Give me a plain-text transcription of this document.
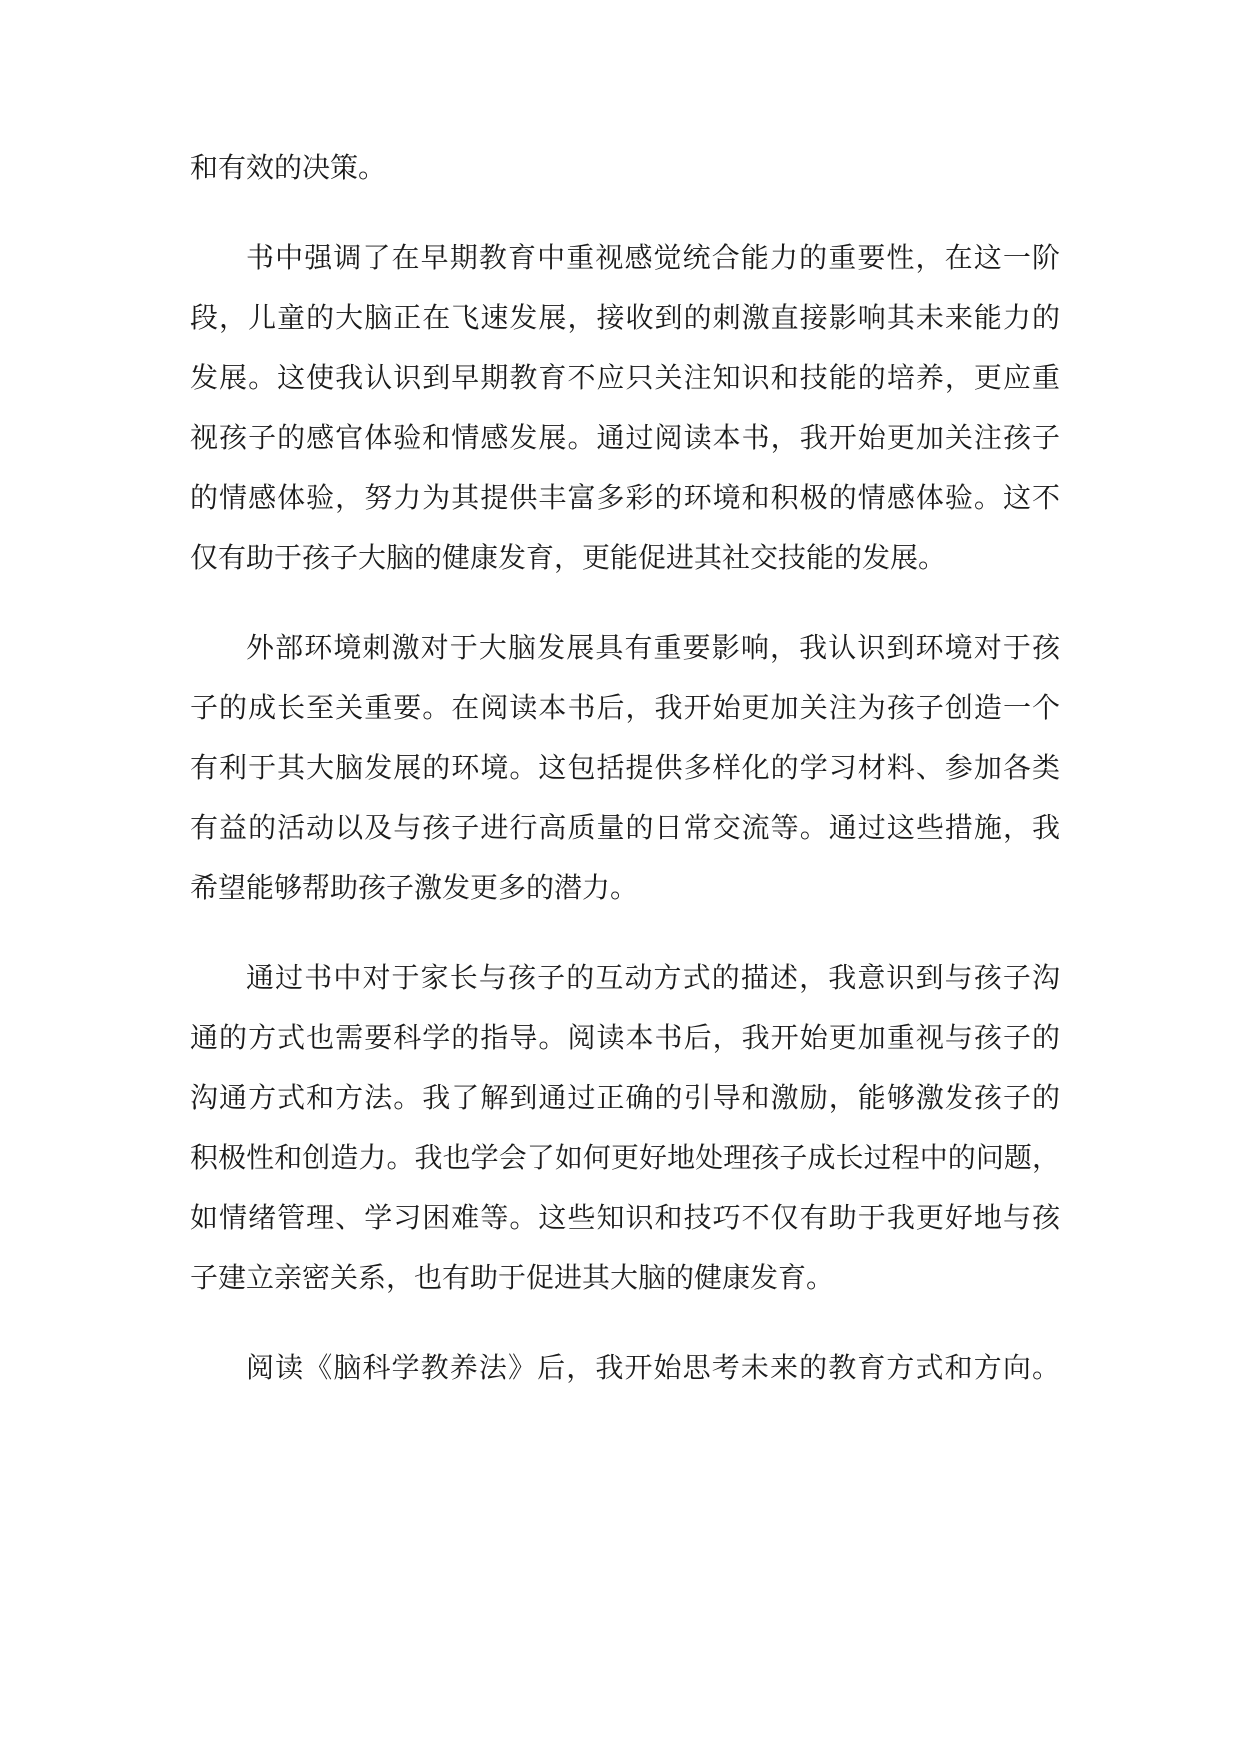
和有效的决策。
书中强调了在早期教育中重视感觉统合能力的重要性，在这一阶
段，儿童的大脑正在飞速发展，接收到的刺激直接影响其未来能力的
发展。这使我认识到早期教育不应只关注知识和技能的培养，更应重
视孩子的感官体验和情感发展。通过阅读本书，我开始更加关注孩子
的情感体验，努力为其提供丰富多彩的环境和积极的情感体验。这不
仅有助于孩子大脑的健康发育，更能促进其社交技能的发展。
外部环境刺激对于大脑发展具有重要影响，我认识到环境对于孩
子的成长至关重要。在阅读本书后，我开始更加关注为孩子创造一个
有利于其大脑发展的环境。这包括提供多样化的学习材料、参加各类
有益的活动以及与孩子进行高质量的日常交流等。通过这些措施，我
希望能够帮助孩子激发更多的潜力。
通过书中对于家长与孩子的互动方式的描述，我意识到与孩子沟
通的方式也需要科学的指导。阅读本书后，我开始更加重视与孩子的
沟通方式和方法。我了解到通过正确的引导和激励，能够激发孩子的
积极性和创造力。我也学会了如何更好地处理孩子成长过程中的问题，
如情绪管理、学习困难等。这些知识和技巧不仅有助于我更好地与孩
子建立亲密关系，也有助于促进其大脑的健康发育。
阅读《脑科学教养法》后，我开始思考未来的教育方式和方向。
